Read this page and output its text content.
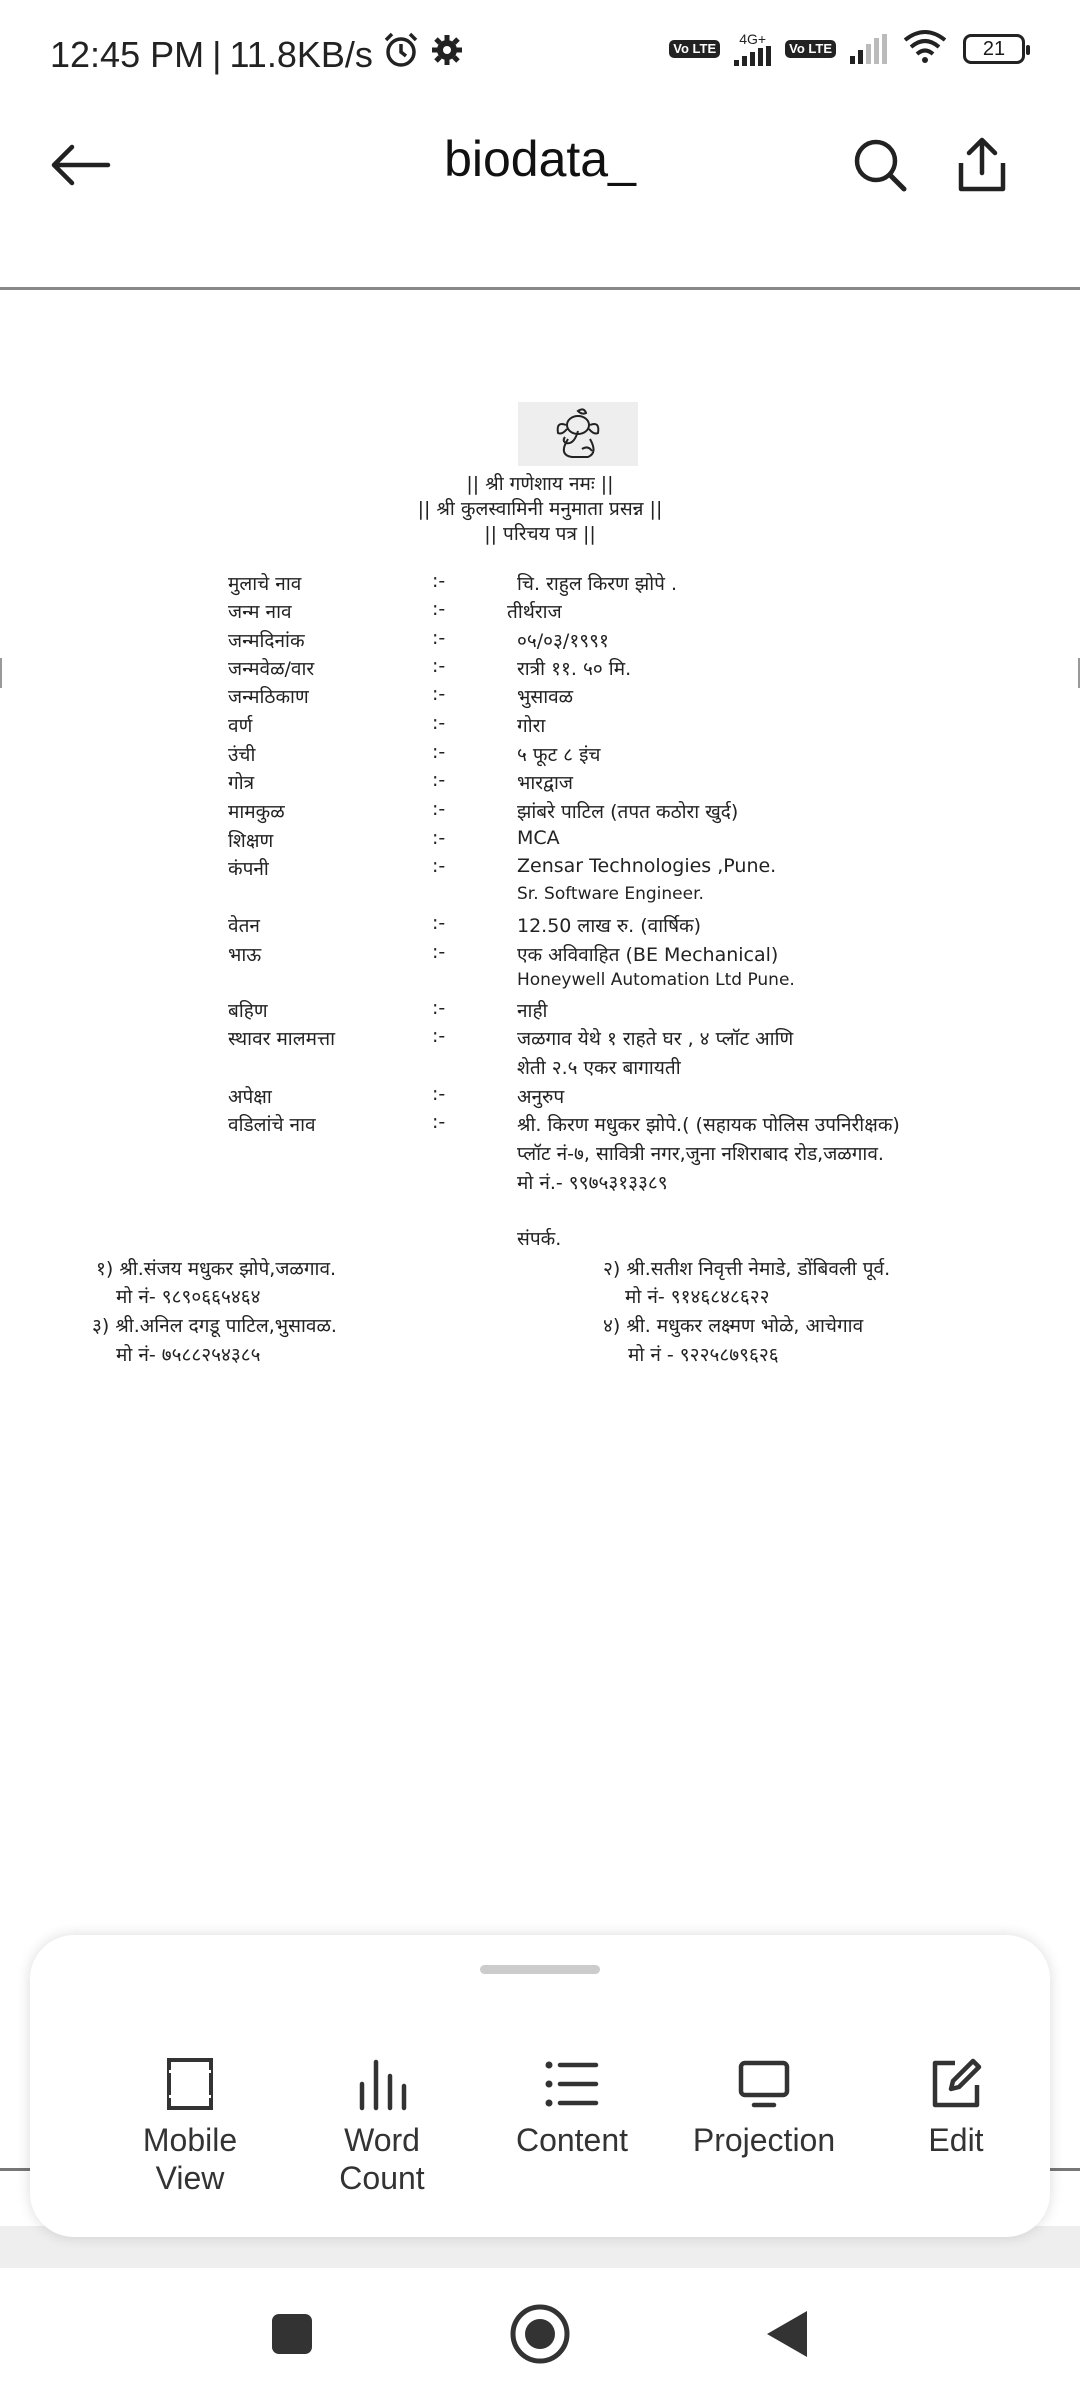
12:45 PM | 11.8KB/s	Vo LTE
4G+
Vo LTE	21
biodata_
|| श्री गणेशाय नमः ||
|| श्री कुलस्वामिनी मनुमाता प्रसन्न ||
|| परिचय पत्र ||
मुलाचे नाव	:-	चि. राहुल किरण झोपे .
जन्म नाव	:-	तीर्थराज
जन्मदिनांक	:-	०५/०३/१९९१
जन्मवेळ/वार	:-	रात्री ११. ५० मि.
जन्मठिकाण	:-	भुसावळ
वर्ण	:-	गोरा
उंची	:-	५ फूट ८ इंच
गोत्र	:-	भारद्वाज
मामकुळ	:-	झांबरे पाटिल (तपत कठोरा खुर्द)
शिक्षण	:-	MCA
कंपनी	:-	Zensar Technologies ,Pune.
Sr. Software Engineer.
वेतन	:-	12.50 लाख रु. (वार्षिक)
भाऊ	:-	एक अविवाहित (BE Mechanical)
Honeywell Automation Ltd Pune.
बहिण	:-	नाही
स्थावर मालमत्ता	:-	जळगाव येथे १ राहते घर , ४ प्लॉट आणि
शेती २.५ एकर बागायती
अपेक्षा	:-	अनुरुप
वडिलांचे नाव	:-	श्री. किरण मधुकर झोपे.( (सहायक पोलिस उपनिरीक्षक)
प्लॉट नं-७, सावित्री नगर,जुना नशिराबाद रोड,जळगाव.
मो नं.- ९९७५३१३३८९
संपर्क.
१) श्री.संजय मधुकर झोपे,जळगाव.
मो नं- ९८९०६६५४६४
२) श्री.सतीश निवृत्ती नेमाडे, डोंबिवली पूर्व.
मो नं- ९१४६८४८६२२
३) श्री.अनिल दगडू पाटिल,भुसावळ.
मो नं- ७५८८२५४३८५
४) श्री. मधुकर लक्ष्मण भोळे, आचेगाव
मो नं - ९२२५८७९६२६
Mobile
View
Word
Count
Content	Projection	Edit
